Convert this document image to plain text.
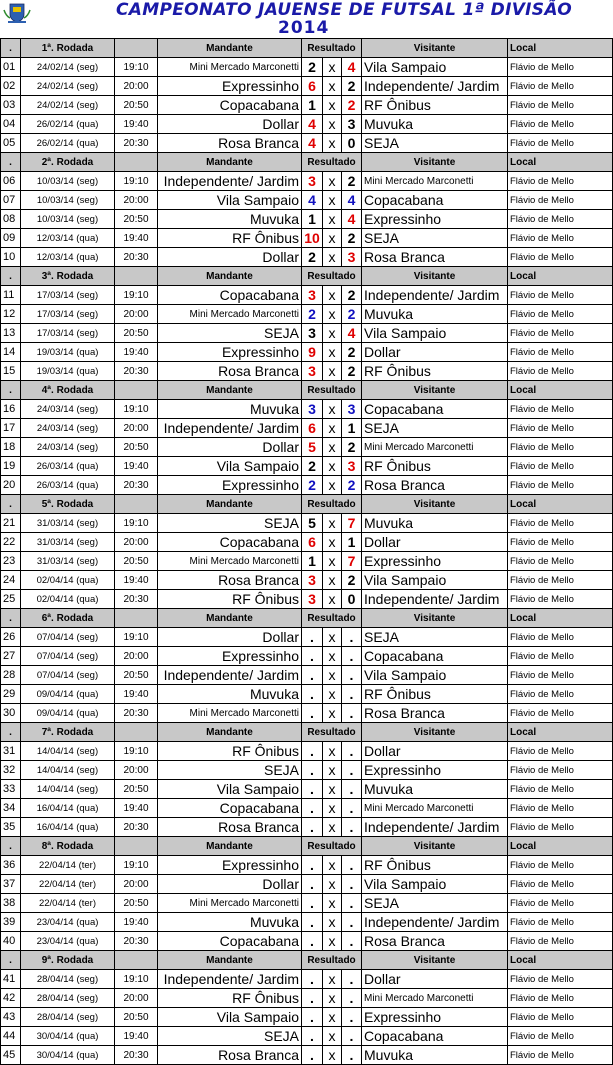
CAMPEONATO JAUENSE DE FUTSAL 1ª DIVISÃO
2014
.	1ª. Rodada		Mandante	Resultado			Visitante	Local
01	24/02/14 (seg)	19:10	Mini Mercado Marconetti	2	x	4	Vila Sampaio	Flávio de Mello
02	24/02/14 (seg)	20:00	Expressinho	6	x	2	Independente/ Jardim	Flávio de Mello
03	24/02/14 (seg)	20:50	Copacabana	1	x	2	RF Ônibus	Flávio de Mello
04	26/02/14 (qua)	19:40	Dollar	4	x	3	Muvuka	Flávio de Mello
05	26/02/14 (qua)	20:30	Rosa Branca	4	x	0	SEJA	Flávio de Mello
.	2ª. Rodada		Mandante	Resultado			Visitante	Local
06	10/03/14 (seg)	19:10	Independente/ Jardim	3	x	2	Mini Mercado Marconetti	Flávio de Mello
07	10/03/14 (seg)	20:00	Vila Sampaio	4	x	4	Copacabana	Flávio de Mello
08	10/03/14 (seg)	20:50	Muvuka	1	x	4	Expressinho	Flávio de Mello
09	12/03/14 (qua)	19:40	RF Ônibus	10	x	2	SEJA	Flávio de Mello
10	12/03/14 (qua)	20:30	Dollar	2	x	3	Rosa Branca	Flávio de Mello
.	3ª. Rodada		Mandante	Resultado			Visitante	Local
11	17/03/14 (seg)	19:10	Copacabana	3	x	2	Independente/ Jardim	Flávio de Mello
12	17/03/14 (seg)	20:00	Mini Mercado Marconetti	2	x	2	Muvuka	Flávio de Mello
13	17/03/14 (seg)	20:50	SEJA	3	x	4	Vila Sampaio	Flávio de Mello
14	19/03/14 (qua)	19:40	Expressinho	9	x	2	Dollar	Flávio de Mello
15	19/03/14 (qua)	20:30	Rosa Branca	3	x	2	RF Ônibus	Flávio de Mello
.	4ª. Rodada		Mandante	Resultado			Visitante	Local
16	24/03/14 (seg)	19:10	Muvuka	3	x	3	Copacabana	Flávio de Mello
17	24/03/14 (seg)	20:00	Independente/ Jardim	6	x	1	SEJA	Flávio de Mello
18	24/03/14 (seg)	20:50	Dollar	5	x	2	Mini Mercado Marconetti	Flávio de Mello
19	26/03/14 (qua)	19:40	Vila Sampaio	2	x	3	RF Ônibus	Flávio de Mello
20	26/03/14 (qua)	20:30	Expressinho	2	x	2	Rosa Branca	Flávio de Mello
.	5ª. Rodada		Mandante	Resultado			Visitante	Local
21	31/03/14 (seg)	19:10	SEJA	5	x	7	Muvuka	Flávio de Mello
22	31/03/14 (seg)	20:00	Copacabana	6	x	1	Dollar	Flávio de Mello
23	31/03/14 (seg)	20:50	Mini Mercado Marconetti	1	x	7	Expressinho	Flávio de Mello
24	02/04/14 (qua)	19:40	Rosa Branca	3	x	2	Vila Sampaio	Flávio de Mello
25	02/04/14 (qua)	20:30	RF Ônibus	3	x	0	Independente/ Jardim	Flávio de Mello
.	6ª. Rodada		Mandante	Resultado			Visitante	Local
26	07/04/14 (seg)	19:10	Dollar	.	x	.	SEJA	Flávio de Mello
27	07/04/14 (seg)	20:00	Expressinho	.	x	.	Copacabana	Flávio de Mello
28	07/04/14 (seg)	20:50	Independente/ Jardim	.	x	.	Vila Sampaio	Flávio de Mello
29	09/04/14 (qua)	19:40	Muvuka	.	x	.	RF Ônibus	Flávio de Mello
30	09/04/14 (qua)	20:30	Mini Mercado Marconetti	.	x	.	Rosa Branca	Flávio de Mello
.	7ª. Rodada		Mandante	Resultado			Visitante	Local
31	14/04/14 (seg)	19:10	RF Ônibus	.	x	.	Dollar	Flávio de Mello
32	14/04/14 (seg)	20:00	SEJA	.	x	.	Expressinho	Flávio de Mello
33	14/04/14 (seg)	20:50	Vila Sampaio	.	x	.	Muvuka	Flávio de Mello
34	16/04/14 (qua)	19:40	Copacabana	.	x	.	Mini Mercado Marconetti	Flávio de Mello
35	16/04/14 (qua)	20:30	Rosa Branca	.	x	.	Independente/ Jardim	Flávio de Mello
.	8ª. Rodada		Mandante	Resultado			Visitante	Local
36	22/04/14 (ter)	19:10	Expressinho	.	x	.	RF Ônibus	Flávio de Mello
37	22/04/14 (ter)	20:00	Dollar	.	x	.	Vila Sampaio	Flávio de Mello
38	22/04/14 (ter)	20:50	Mini Mercado Marconetti	.	x	.	SEJA	Flávio de Mello
39	23/04/14 (qua)	19:40	Muvuka	.	x	.	Independente/ Jardim	Flávio de Mello
40	23/04/14 (qua)	20:30	Copacabana	.	x	.	Rosa Branca	Flávio de Mello
.	9ª. Rodada		Mandante	Resultado			Visitante	Local
41	28/04/14 (seg)	19:10	Independente/ Jardim	.	x	.	Dollar	Flávio de Mello
42	28/04/14 (seg)	20:00	RF Ônibus	.	x	.	Mini Mercado Marconetti	Flávio de Mello
43	28/04/14 (seg)	20:50	Vila Sampaio	.	x	.	Expressinho	Flávio de Mello
44	30/04/14 (qua)	19:40	SEJA	.	x	.	Copacabana	Flávio de Mello
45	30/04/14 (qua)	20:30	Rosa Branca	.	x	.	Muvuka	Flávio de Mello
